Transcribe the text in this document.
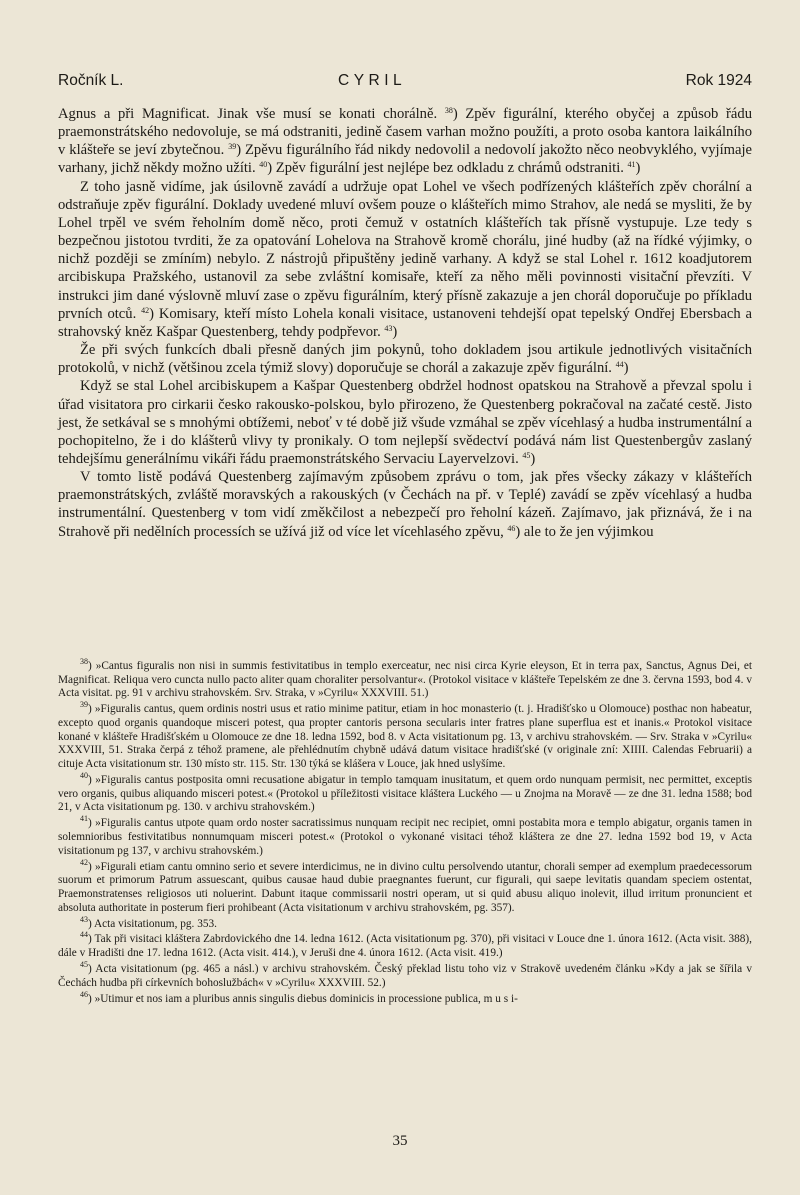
Ročník L.	CYRIL	Rok 1924

Agnus a při Magnificat. Jinak vše musí se konati chorálně. $^{38}$) Zpěv figurální, kterého obyčej a způsob řádu praemonstrátského nedovoluje, se má odstraniti, jedině časem varhan možno použíti, a proto osoba kantora laikálního v klášteře se jeví zbytečnou. $^{39}$) Zpěvu figurálního řád nikdy nedovolil a nedovolí jakožto něco neobvyklého, vyjímaje varhany, jichž někdy možno užíti. $^{40}$) Zpěv figurální jest nejlépe bez odkladu z chrámů odstraniti. $^{41}$)

Z toho jasně vidíme, jak úsilovně zavádí a udržuje opat Lohel ve všech podřízených klášteřích zpěv chorální a odstraňuje zpěv figurální. Doklady uvedené mluví ovšem pouze o klášteřích mimo Strahov, ale nedá se mysliti, že by Lohel trpěl ve svém řeholním domě něco, proti čemuž v ostatních klášteřích tak přísně vystupuje. Lze tedy s bezpečnou jistotou tvrditi, že za opatování Lohelova na Strahově kromě chorálu, jiné hudby (až na řídké výjimky, o nichž později se zmíním) nebylo. Z nástrojů připuštěny jedině varhany. A když se stal Lohel r. 1612 koadjutorem arcibiskupa Pražského, ustanovil za sebe zvláštní komisaře, kteří za něho měli povinnosti visitační převzíti. V instrukci jim dané výslovně mluví zase o zpěvu figurálním, který přísně zakazuje a jen chorál doporučuje po příkladu prvních otců. $^{42}$) Komisary, kteří místo Lohela konali visitace, ustanoveni tehdejší opat tepelský Ondřej Ebersbach a strahovský kněz Kašpar Questenberg, tehdy podpřevor. $^{43}$)

Že při svých funkcích dbali přesně daných jim pokynů, toho dokladem jsou artikule jednotlivých visitačních protokolů, v nichž (většinou zcela týmiž slovy) doporučuje se chorál a zakazuje zpěv figurální. $^{44}$)

Když se stal Lohel arcibiskupem a Kašpar Questenberg obdržel hodnost opatskou na Strahově a převzal spolu i úřad visitatora pro cirkarii česko rakousko-polskou, bylo přirozeno, že Questenberg pokračoval na začaté cestě. Jisto jest, že setkával se s mnohými obtížemi, neboť v té době již všude vzmáhal se zpěv vícehlasý a hudba instrumentální a pochopitelno, že i do klášterů vlivy ty pronikaly. O tom nejlepší svědectví podává nám list Questenbergův zaslaný tehdejšímu generálnímu vikáři řádu praemonstrátského Servaciu Layervelzovi. $^{45}$)

V tomto listě podává Questenberg zajímavým způsobem zprávu o tom, jak přes všecky zákazy v klášteřích praemonstrátských, zvláště moravských a rakouských (v Čechách na př. v Teplé) zavádí se zpěv vícehlasý a hudba instrumentální. Questenberg v tom vidí změkčilost a nebezpečí pro řeholní kázeň. Zajímavo, jak přiznává, že i na Strahově při nedělních processích se užívá již od více let vícehlasého zpěvu, $^{46}$) ale to že jen výjimkou

$^{38}$) »Cantus figuralis non nisi in summis festivitatibus in templo exerceatur, nec nisi circa Kyrie eleyson, Et in terra pax, Sanctus, Agnus Dei, et Magnificat. Reliqua vero cuncta nullo pacto aliter quam choraliter persolvantur«. (Protokol visitace v klášteře Tepelském ze dne 3. června 1593, bod 4. v Acta visitat. pg. 91 v archivu strahovském. Srv. Straka, v »Cyrilu« XXXVIII. 51.)

$^{39}$) »Figuralis cantus, quem ordinis nostri usus et ratio minime patitur, etiam in hoc monasterio (t. j. Hradišťsko u Olomouce) posthac non habeatur, excepto quod organis quandoque misceri potest, qua propter cantoris persona secularis inter fratres plane superflua est et inanis.« Protokol visitace konané v klášteře Hradišťském u Olomouce ze dne 18. ledna 1592, bod 8. v Acta visitationum pg. 13, v archivu strahovském. — Srv. Straka v »Cyrilu« XXXVIII, 51. Straka čerpá z téhož pramene, ale přehlédnutím chybně udává datum visitace hradišťské (v originale zní: XIIII. Calendas Februarii) a cituje Acta visitationum str. 130 místo str. 115. Str. 130 týká se klášera v Louce, jak hned uslyšíme.

$^{40}$) »Figuralis cantus postposita omni recusatione abigatur in templo tamquam inusitatum, et quem ordo nunquam permisit, nec permittet, exceptis vero organis, quibus aliquando misceri potest.« (Protokol u příležitosti visitace kláštera Luckého — u Znojma na Moravě — ze dne 31. ledna 1588; bod 21, v Acta visitationum pg. 130. v archivu strahovském.)

$^{41}$) »Figuralis cantus utpote quam ordo noster sacratissimus nunquam recipit nec recipiet, omni postabita mora e templo abigatur, organis tamen in solemnioribus festivitatibus nonnumquam misceri potest.« (Protokol o vykonané visitaci téhož kláštera ze dne 27. ledna 1592 bod 19, v Acta visitationum pg 137, v archivu strahovském.)

$^{42}$) »Figurali etiam cantu omnino serio et severe interdicimus, ne in divino cultu persolvendo utantur, chorali semper ad exemplum praedecessorum suorum et primorum Patrum assuescant, quibus causae haud dubie praegnantes fuerunt, cur figurali, qui saepe levitatis quandam speciem ostentat, Praemonstratenses religiosos uti noluerint. Dabunt itaque commissarii nostri operam, ut si quid abusu aliquo inolevit, illud irritum pronuncient et absoluta authoritate in posterum fieri prohibeant (Acta visitationum v archivu strahovském, pg. 357).

$^{43}$) Acta visitationum, pg. 353.

$^{44}$) Tak při visitaci kláštera Zabrdovického dne 14. ledna 1612. (Acta visitationum pg. 370), při visitaci v Louce dne 1. února 1612. (Acta visit. 388), dále v Hradišti dne 17. ledna 1612. (Acta visit. 414.), v Jeruši dne 4. února 1612. (Acta visit. 419.)

$^{45}$) Acta visitationum (pg. 465 a násl.) v archivu strahovském. Český překlad listu toho viz v Strakově uvedeném článku »Kdy a jak se šířila v Čechách hudba při církevních bohoslužbách« v »Cyrilu« XXXVIII. 52.)

$^{46}$) »Utimur et nos iam a pluribus annis singulis diebus dominicis in processione publica, m u s i-

35
